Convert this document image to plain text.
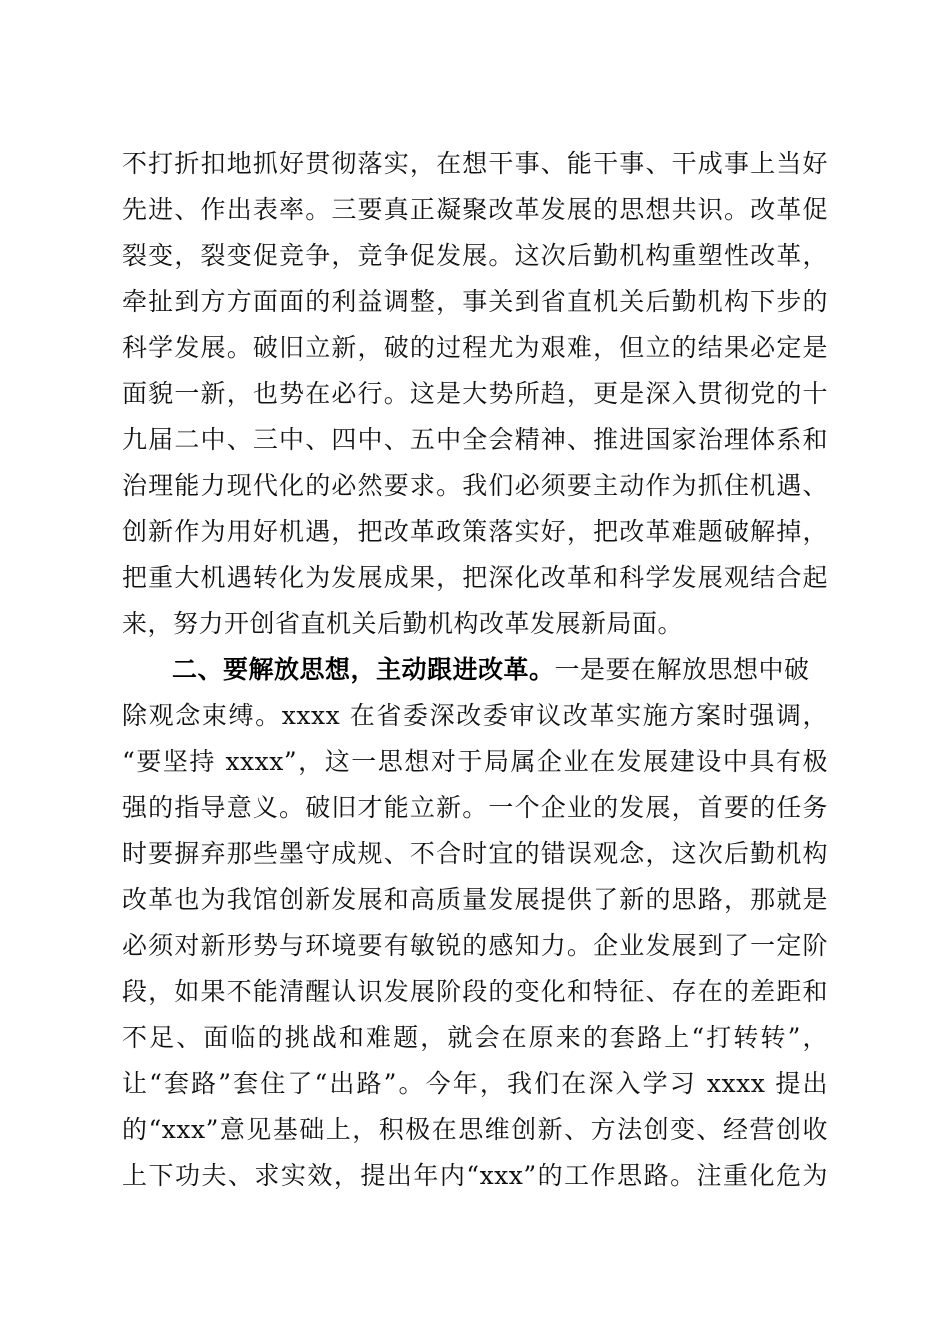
不打折扣地抓好贯彻落实，在想干事、能干事、干成事上当好
先进、作出表率。三要真正凝聚改革发展的思想共识。改革促
裂变，裂变促竞争，竞争促发展。这次后勤机构重塑性改革，
牵扯到方方面面的利益调整，事关到省直机关后勤机构下步的
科学发展。破旧立新，破的过程尤为艰难，但立的结果必定是
面貌一新，也势在必行。这是大势所趋，更是深入贯彻党的十
九届二中、三中、四中、五中全会精神、推进国家治理体系和
治理能力现代化的必然要求。我们必须要主动作为抓住机遇、
创新作为用好机遇，把改革政策落实好，把改革难题破解掉，
把重大机遇转化为发展成果，把深化改革和科学发展观结合起
来，努力开创省直机关后勤机构改革发展新局面。
二、要解放思想，主动跟进改革。一是要在解放思想中破
除观念束缚。xxxx 在省委深改委审议改革实施方案时强调，
“要坚持 xxxx”，这一思想对于局属企业在发展建设中具有极
强的指导意义。破旧才能立新。一个企业的发展，首要的任务
时要摒弃那些墨守成规、不合时宜的错误观念，这次后勤机构
改革也为我馆创新发展和高质量发展提供了新的思路，那就是
必须对新形势与环境要有敏锐的感知力。企业发展到了一定阶
段，如果不能清醒认识发展阶段的变化和特征、存在的差距和
不足、面临的挑战和难题，就会在原来的套路上“打转转”，
让“套路”套住了“出路”。今年，我们在深入学习 xxxx 提出
的“xxx”意见基础上，积极在思维创新、方法创变、经营创收
上下功夫、求实效，提出年内“xxx”的工作思路。注重化危为
